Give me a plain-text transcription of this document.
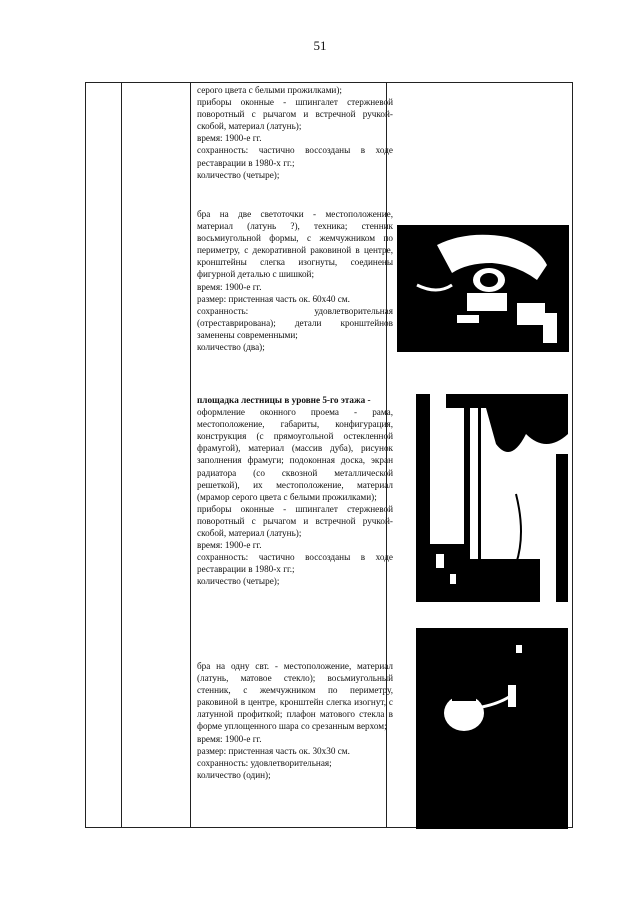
51

серого цвета с белыми прожилками);

приборы оконные - шпингалет стержневой поворотный с рычагом и встречной ручкой-скобой, материал (латунь);

время: 1900-е гг.

сохранность: частично воссозданы в ходе реставрации в 1980-х гг.;

количество (четыре);

бра на две светоточки - местоположение, материал (латунь ?), техника; стенник восьмиугольной формы, с жемчужником по периметру, с декоративной раковиной в центре, кронштейны слегка изогнуты, соединены фигурной деталью с шишкой;

время: 1900-е гг.

размер: пристенная часть ок. 60х40 см.

сохранность: удовлетворительная (отреставрирована); детали кронштейнов заменены современными;

количество (два);

площадка лестницы в уровне 5-го этажа -

оформление оконного проема - рама, местоположение, габариты, конфигурация, конструкция (с прямоугольной остекленной фрамугой), материал (массив дуба), рисунок заполнения фрамуги; подоконная доска, экран радиатора (со сквозной металлической решеткой), их местоположение, материал (мрамор серого цвета с белыми прожилками);

приборы оконные - шпингалет стержневой поворотный с рычагом и встречной ручкой-скобой, материал (латунь);

время: 1900-е гг.

сохранность: частично воссозданы в ходе реставрации в 1980-х гг.;

количество (четыре);

бра на одну свт. - местоположение, материал (латунь, матовое стекло); восьмиугольный стенник, с жемчужником по периметру, раковиной в центре, кронштейн слегка изогнут, с латунной профиткой; плафон матового стекла в форме уплощенного шара со срезанным верхом;

время: 1900-е гг.

размер: пристенная часть ок. 30х30 см.

сохранность: удовлетворительная;

количество (один);
